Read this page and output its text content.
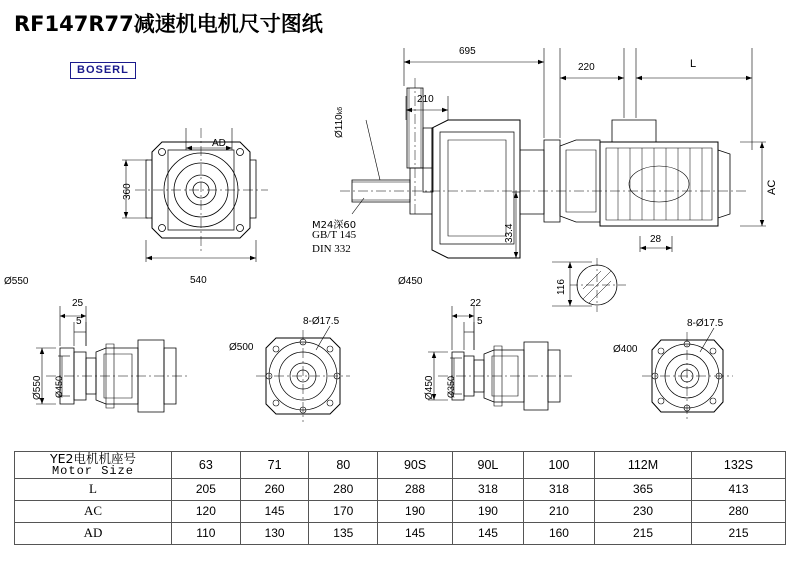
RF147R77减速机电机尺寸图纸
BOSERL
695
220	L
210
AD
360
540
AC
28
116
33.4
Ø110k6
M24深60
GB/T 145
DIN 332
Ø550	Ø450
25
5
Ø550 Ø450
Ø500
8-Ø17.5
22
5
Ø450 Ø350
Ø400
8-Ø17.5
YE2电机机座号
Motor Size	63	71	80	90S	90L	100	112M	132S
L	205	260	280	288	318	318	365	413
AC	120	145	170	190	190	210	230	280
AD	110	130	135	145	145	160	215	215
